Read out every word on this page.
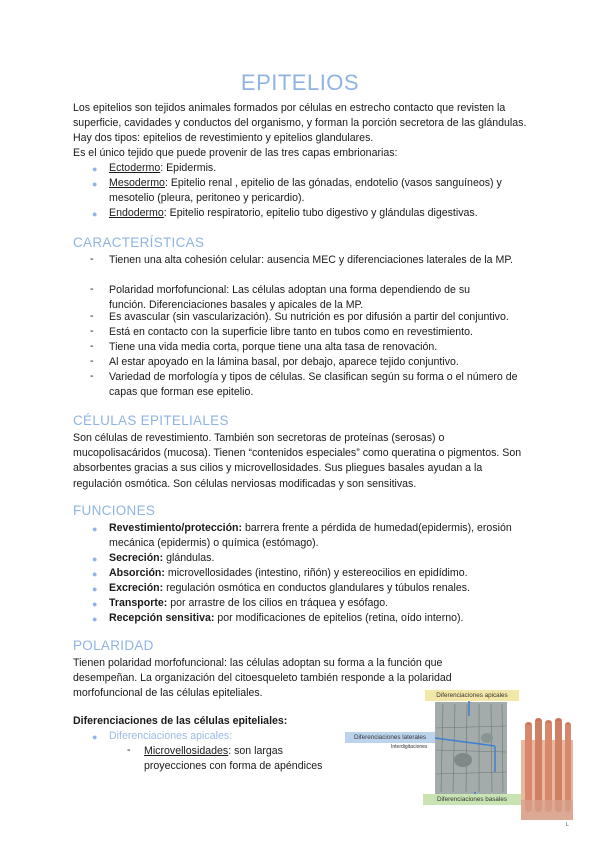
EPITELIOS
Los epitelios son tejidos animales formados por células en estrecho contacto que revisten la superficie, cavidades y conductos del organismo, y forman la porción secretora de las glándulas. Hay dos tipos: epitelios de revestimiento y epitelios glandulares.
Es el único tejido que puede provenir de las tres capas embrionarias:
● Ectodermo: Epidermis.
● Mesodermo: Epitelio renal , epitelio de las gónadas, endotelio (vasos sanguíneos) y mesotelio (pleura, peritoneo y pericardio).
● Endodermo: Epitelio respiratorio, epitelio tubo digestivo y glándulas digestivas.
CARACTERÍSTICAS
- Tienen una alta cohesión celular: ausencia MEC y diferenciaciones laterales de la MP.
- Polaridad morfofuncional: Las células adoptan una forma dependiendo de su función. Diferenciaciones basales y apicales de la MP.
- Es avascular (sin vascularización). Su nutrición es por difusión a partir del conjuntivo.
- Está en contacto con la superficie libre tanto en tubos como en revestimiento.
- Tiene una vida media corta, porque tiene una alta tasa de renovación.
- Al estar apoyado en la lámina basal, por debajo, aparece tejido conjuntivo.
- Variedad de morfología y tipos de células. Se clasifican según su forma o el número de capas que forman ese epitelio.
CÉLULAS EPITELIALES
Son células de revestimiento. También son secretoras de proteínas (serosas) o mucopolisacáridos (mucosa). Tienen “contenidos especiales” como queratina o pigmentos. Son absorbentes gracias a sus cilios y microvellosidades. Sus pliegues basales ayudan a la regulación osmótica. Son células nerviosas modificadas y son sensitivas.
FUNCIONES
● Revestimiento/protección: barrera frente a pérdida de humedad(epidermis), erosión mecánica (epidermis) o química (estómago).
● Secreción: glándulas.
● Absorción: microvellosidades (intestino, riñón) y estereocilios en epidídimo.
● Excreción: regulación osmótica en conductos glandulares y túbulos renales.
● Transporte: por arrastre de los cilios en tráquea y esófago.
● Recepción sensitiva: por modificaciones de epitelios (retina, oído interno).
POLARIDAD
Tienen polaridad morfofuncional: las células adoptan su forma a la función que desempeñan. La organización del citoesqueleto también responde a la polaridad morfofuncional de las células epiteliales.
Diferenciaciones de las células epiteliales:
● Diferenciaciones apicales:
- Microvellosidades: son largas proyecciones con forma de apéndices
L
Diferenciaciones apicales
Diferenciaciones laterales
Interdigitaciones
Diferenciaciones basales
